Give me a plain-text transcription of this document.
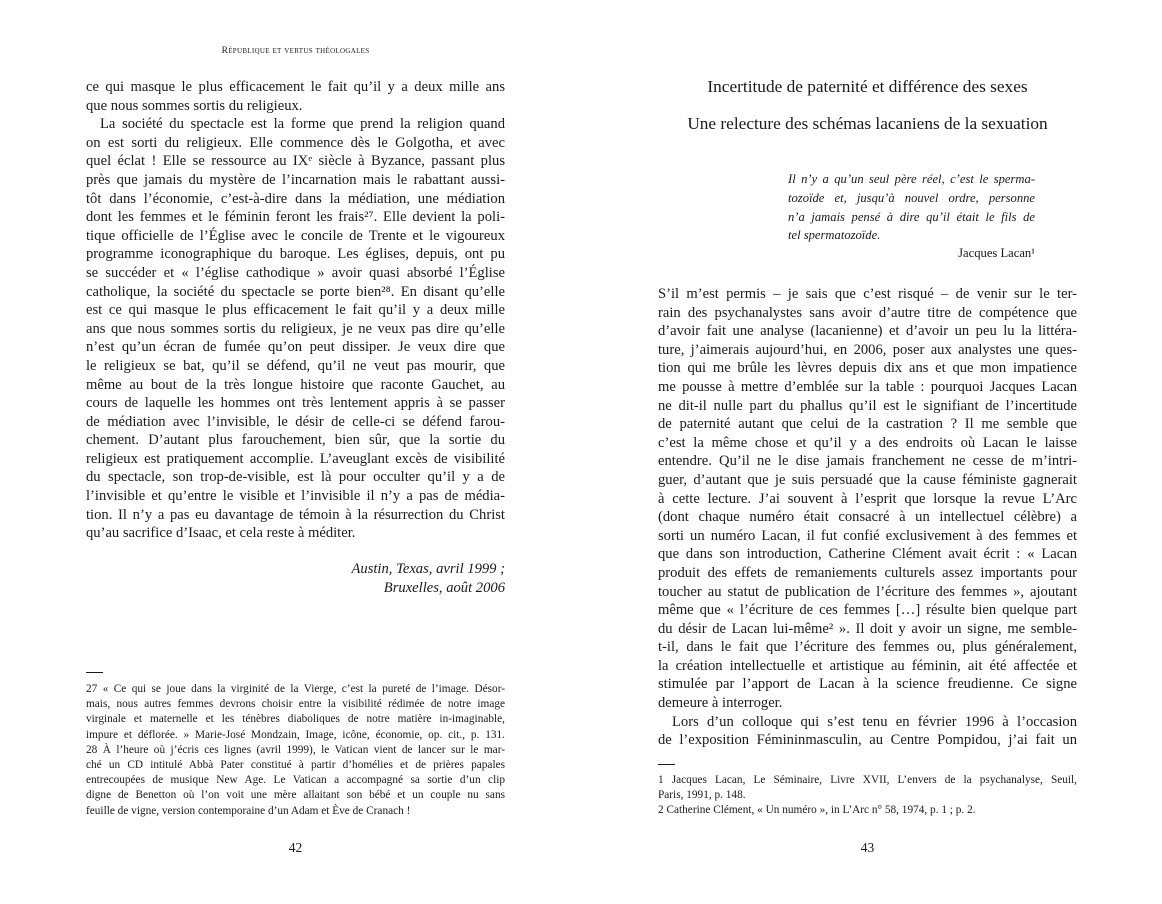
République et vertus théologales
ce qui masque le plus efficacement le fait qu’il y a deux mille ans
que nous sommes sortis du religieux.
La société du spectacle est la forme que prend la religion quand
on est sorti du religieux. Elle commence dès le Golgotha, et avec
quel éclat ! Elle se ressource au IXᵉ siècle à Byzance, passant plus
près que jamais du mystère de l’incarnation mais le rabattant aussi-
tôt dans l’économie, c’est-à-dire dans la médiation, une médiation
dont les femmes et le féminin feront les frais²⁷. Elle devient la poli-
tique officielle de l’Église avec le concile de Trente et le vigoureux
programme iconographique du baroque. Les églises, depuis, ont pu
se succéder et « l’église cathodique » avoir quasi absorbé l’Église
catholique, la société du spectacle se porte bien²⁸. En disant qu’elle
est ce qui masque le plus efficacement le fait qu’il y a deux mille
ans que nous sommes sortis du religieux, je ne veux pas dire qu’elle
n’est qu’un écran de fumée qu’on peut dissiper. Je veux dire que
le religieux se bat, qu’il se défend, qu’il ne veut pas mourir, que
même au bout de la très longue histoire que raconte Gauchet, au
cours de laquelle les hommes ont très lentement appris à se passer
de médiation avec l’invisible, le désir de celle-ci se défend farou-
chement. D’autant plus farouchement, bien sûr, que la sortie du
religieux est pratiquement accomplie. L’aveuglant excès de visibilité
du spectacle, son trop-de-visible, est là pour occulter qu’il y a de
l’invisible et qu’entre le visible et l’invisible il n’y a pas de média-
tion. Il n’y a pas eu davantage de témoin à la résurrection du Christ
qu’au sacrifice d’Isaac, et cela reste à méditer.
Austin, Texas, avril 1999 ;
Bruxelles, août 2006
27 « Ce qui se joue dans la virginité de la Vierge, c’est la pureté de l’image. Désor-
mais, nous autres femmes devrons choisir entre la visibilité rédimée de notre image
virginale et maternelle et les ténèbres diaboliques de notre matière in-imaginable,
impure et déflorée. » Marie-José Mondzain, Image, icône, économie, op. cit., p. 131.
28 À l’heure où j’écris ces lignes (avril 1999), le Vatican vient de lancer sur le mar-
ché un CD intitulé Abbà Pater constitué à partir d’homélies et de prières papales
entrecoupées de musique New Age. Le Vatican a accompagné sa sortie d’un clip
digne de Benetton où l’on voit une mère allaitant son bébé et un couple nu sans
feuille de vigne, version contemporaine d’un Adam et Ève de Cranach !
42
Incertitude de paternité et différence des sexes
Une relecture des schémas lacaniens de la sexuation
Il n’y a qu’un seul père réel, c’est le sperma-
tozoïde et, jusqu’à nouvel ordre, personne
n’a jamais pensé à dire qu’il était le fils de
tel spermatozoïde.
Jacques Lacan¹
S’il m’est permis – je sais que c’est risqué – de venir sur le ter-
rain des psychanalystes sans avoir d’autre titre de compétence que
d’avoir fait une analyse (lacanienne) et d’avoir un peu lu la littéra-
ture, j’aimerais aujourd’hui, en 2006, poser aux analystes une ques-
tion qui me brûle les lèvres depuis dix ans et que mon impatience
me pousse à mettre d’emblée sur la table : pourquoi Jacques Lacan
ne dit-il nulle part du phallus qu’il est le signifiant de l’incertitude
de paternité autant que celui de la castration ? Il me semble que
c’est la même chose et qu’il y a des endroits où Lacan le laisse
entendre. Qu’il ne le dise jamais franchement ne cesse de m’intri-
guer, d’autant que je suis persuadé que la cause féministe gagnerait
à cette lecture. J’ai souvent à l’esprit que lorsque la revue L’Arc
(dont chaque numéro était consacré à un intellectuel célèbre) a
sorti un numéro Lacan, il fut confié exclusivement à des femmes et
que dans son introduction, Catherine Clément avait écrit : « Lacan
produit des effets de remaniements culturels assez importants pour
toucher au statut de publication de l’écriture des femmes », ajoutant
même que « l’écriture de ces femmes […] résulte bien quelque part
du désir de Lacan lui-même² ». Il doit y avoir un signe, me semble-
t-il, dans le fait que l’écriture des femmes ou, plus généralement,
la création intellectuelle et artistique au féminin, ait été affectée et
stimulée par l’apport de Lacan à la science freudienne. Ce signe
demeure à interroger.
Lors d’un colloque qui s’est tenu en février 1996 à l’occasion
de l’exposition Fémininmasculin, au Centre Pompidou, j’ai fait un
1 Jacques Lacan, Le Séminaire, Livre XVII, L’envers de la psychanalyse, Seuil,
Paris, 1991, p. 148.
2 Catherine Clément, « Un numéro », in L’Arc n° 58, 1974, p. 1 ; p. 2.
43
